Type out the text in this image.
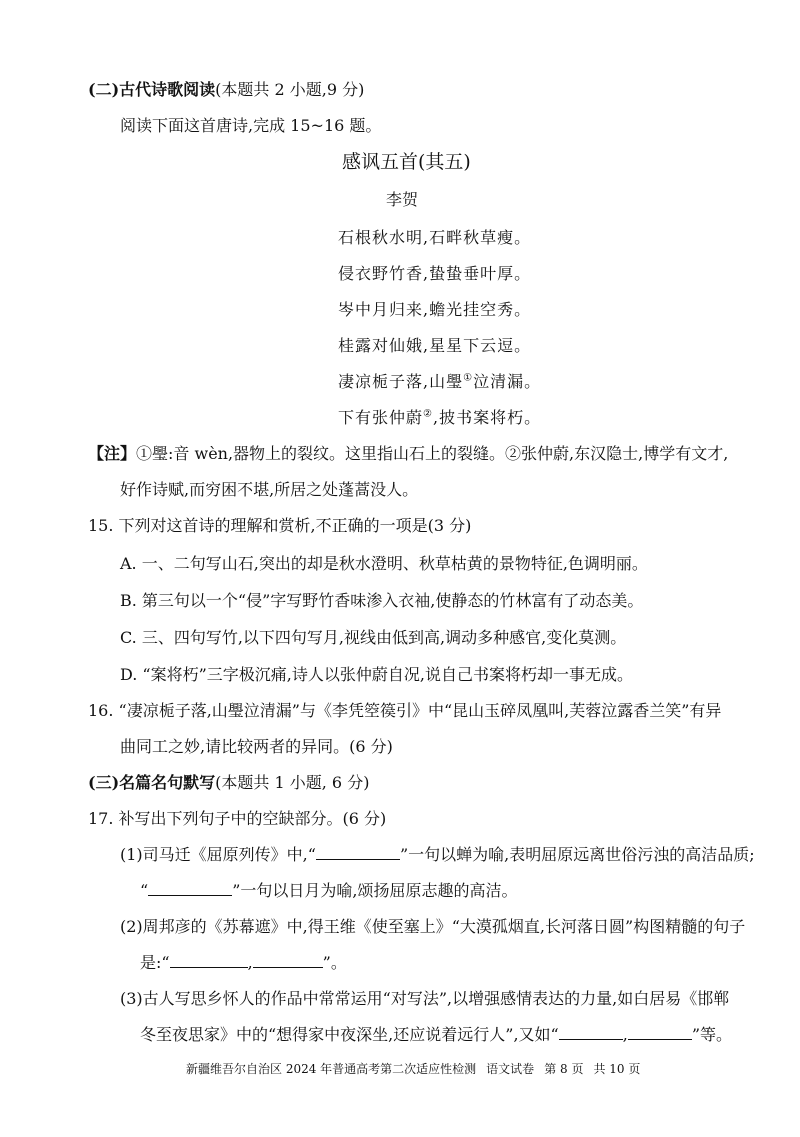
(二)古代诗歌阅读(本题共 2 小题,9 分)
阅读下面这首唐诗,完成 15~16 题。
感讽五首(其五)
李贺
石根秋水明,石畔秋草瘦。
侵衣野竹香,蛰蛰垂叶厚。
岑中月归来,蟾光挂空秀。
桂露对仙娥,星星下云逗。
凄凉栀子落,山璺①泣清漏。
下有张仲蔚②,披书案将朽。
【注】①璺:音 wèn,器物上的裂纹。这里指山石上的裂缝。②张仲蔚,东汉隐士,博学有文才,
好作诗赋,而穷困不堪,所居之处蓬蒿没人。
15. 下列对这首诗的理解和赏析,不正确的一项是(3 分)
A. 一、二句写山石,突出的却是秋水澄明、秋草枯黄的景物特征,色调明丽。
B. 第三句以一个“侵”字写野竹香味渗入衣袖,使静态的竹林富有了动态美。
C. 三、四句写竹,以下四句写月,视线由低到高,调动多种感官,变化莫测。
D. “案将朽”三字极沉痛,诗人以张仲蔚自况,说自己书案将朽却一事无成。
16. “凄凉栀子落,山璺泣清漏”与《李凭箜篌引》中“昆山玉碎凤凰叫,芙蓉泣露香兰笑”有异
曲同工之妙,请比较两者的异同。(6 分)
(三)名篇名句默写(本题共 1 小题, 6 分)
17. 补写出下列句子中的空缺部分。(6 分)
(1)司马迁《屈原列传》中,“	”一句以蝉为喻,表明屈原远离世俗污浊的高洁品质;
“	”一句以日月为喻,颂扬屈原志趣的高洁。
(2)周邦彦的《苏幕遮》中,得王维《使至塞上》“大漠孤烟直,长河落日圆”构图精髓的句子
是:“	,	”。
(3)古人写思乡怀人的作品中常常运用“对写法”,以增强感情表达的力量,如白居易《邯郸
冬至夜思家》中的“想得家中夜深坐,还应说着远行人”,又如“	,	”等。
新疆维吾尔自治区 2024 年普通高考第二次适应性检测 语文试卷 第 8 页 共 10 页
